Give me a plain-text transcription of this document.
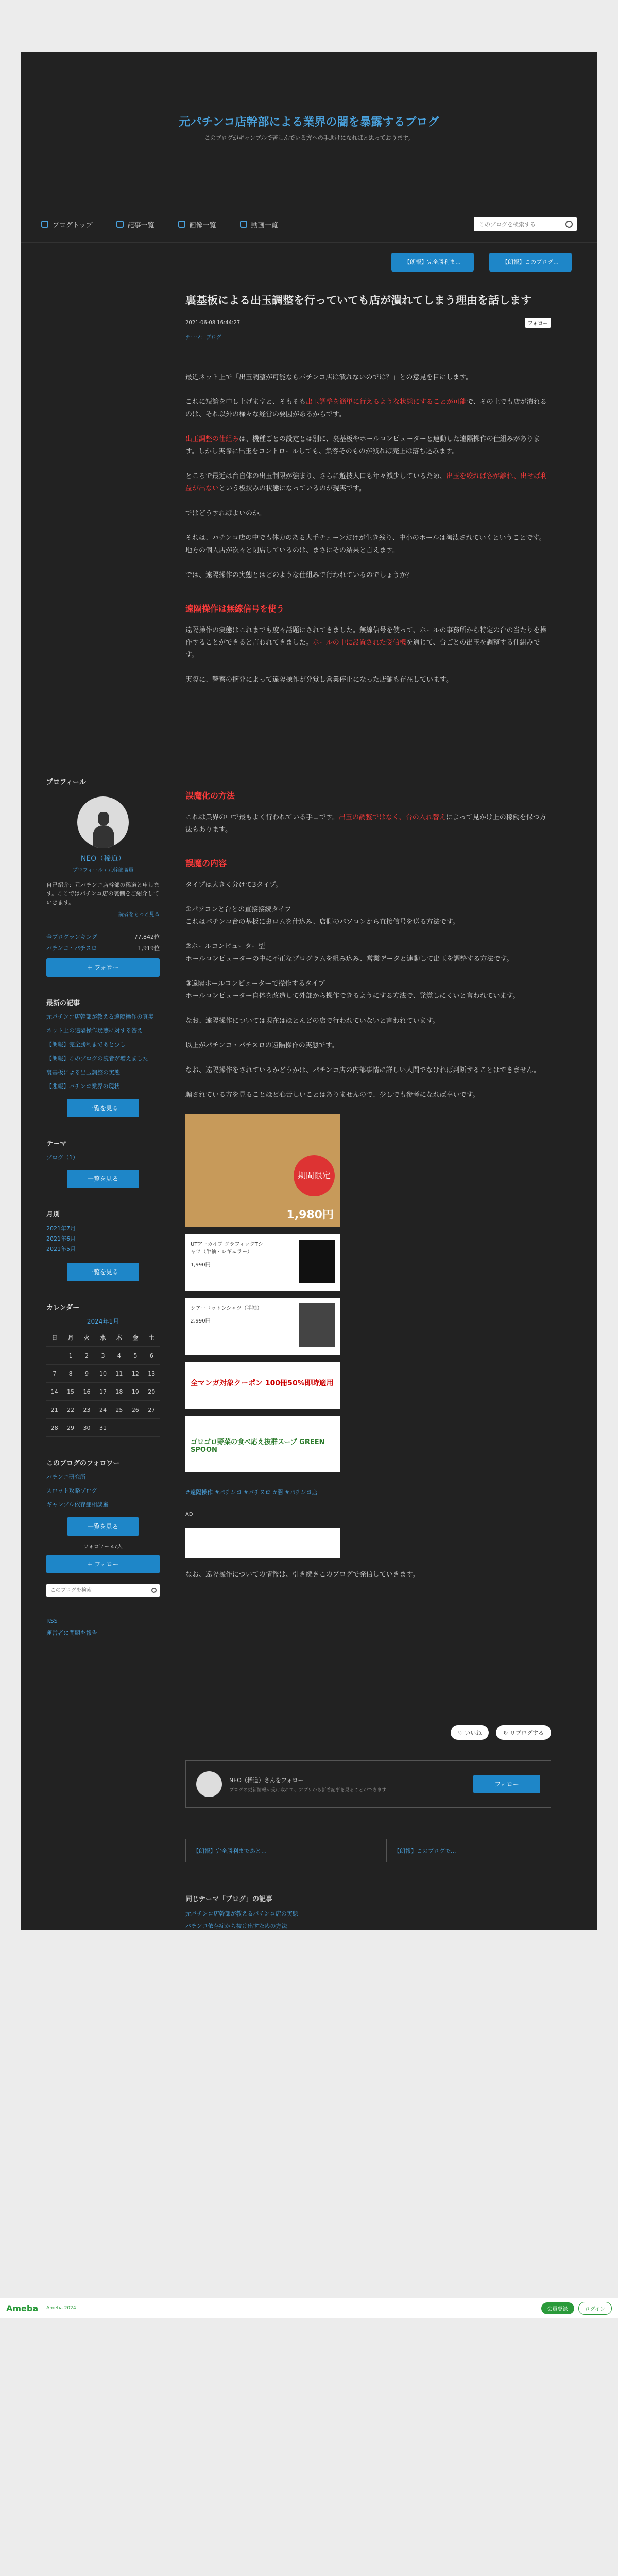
元パチンコ店幹部による業界の闇を暴露するブログ

このブログがギャンブルで苦しんでいる方への手助けになればと思っております。

ブログトップ	記事一覧	画像一覧	動画一覧
このブログを検索する
【朗報】完全勝利ま…	【朗報】このブログ…
プロフィール
NEO（稀道）
プロフィール / 元幹部職員
自己紹介：元パチンコ店幹部の稀道と申します。ここではパチンコ店の裏側をご紹介していきます。
読者をもっと見る
全ブログランキング	77,842位
パチンコ・パチスロ	1,919位
+ フォロー
最新の記事
元パチンコ店幹部が教える遠隔操作の真実
ネット上の遠隔操作疑惑に対する答え
【朗報】完全勝利まであと少し
【朗報】このブログの読者が増えました
裏基板による出玉調整の実態
【悲報】パチンコ業界の現状
一覧を見る
テーマ
ブログ（1）
一覧を見る
月別
2021年7月
2021年6月
2021年5月
一覧を見る
カレンダー
2024年1月
日	月	火	水	木	金	土
	1	2	3	4	5	6
7	8	9	10	11	12	13
14	15	16	17	18	19	20
21	22	23	24	25	26	27
28	29	30	31			
このブログのフォロワー
パチンコ研究所
スロット攻略ブログ
ギャンブル依存症相談室
一覧を見る
フォロワー 47人
+ フォロー
このブログを検索
RSS
運営者に問題を報告
裏基板による出玉調整を行っていても店が潰れてしまう理由を話します
2021-06-08 16:44:27	フォロー
テーマ：ブログ

最近ネット上で「出玉調整が可能ならパチンコ店は潰れないのでは？」との意見を目にします。

これに短論を申し上げますと、そもそも出玉調整を簡単に行えるような状態にすることが可能で、その上でも店が潰れるのは、それ以外の様々な経営の要因があるからです。

出玉調整の仕組みは、機種ごとの設定とは別に、裏基板やホールコンピューターと連動した遠隔操作の仕組みがあります。しかし実際に出玉をコントロールしても、集客そのものが減れば売上は落ち込みます。

ところで最近は台自体の出玉制限が強まり、さらに遊技人口も年々減少しているため、出玉を絞れば客が離れ、出せば利益が出ないという板挟みの状態になっているのが現実です。

ではどうすればよいのか。

それは、パチンコ店の中でも体力のある大手チェーンだけが生き残り、中小のホールは淘汰されていくということです。地方の個人店が次々と閉店しているのは、まさにその結果と言えます。

では、遠隔操作の実態とはどのような仕組みで行われているのでしょうか？

遠隔操作は無線信号を使う

遠隔操作の実態はこれまでも度々話題にされてきました。無線信号を使って、ホールの事務所から特定の台の当たりを操作することができると言われてきました。ホールの中に設置された受信機を通じて、台ごとの出玉を調整する仕組みです。

実際に、警察の摘発によって遠隔操作が発覚し営業停止になった店舗も存在しています。

誤魔化の方法

これは業界の中で最もよく行われている手口です。出玉の調整ではなく、台の入れ替えによって見かけ上の稼働を保つ方法もあります。

誤魔の内容

タイプは大きく分けて3タイプ。

①パソコンと台との直接接続タイプ
これはパチンコ台の基板に裏ロムを仕込み、店側のパソコンから直接信号を送る方法です。

②ホールコンピューター型
ホールコンピューターの中に不正なプログラムを組み込み、営業データと連動して出玉を調整する方法です。

③遠隔ホールコンピューターで操作するタイプ
ホールコンピューター自体を改造して外部から操作できるようにする方法で、発覚しにくいと言われています。

なお、遠隔操作については現在はほとんどの店で行われていないと言われています。

以上がパチンコ・パチスロの遠隔操作の実態です。

なお、遠隔操作をされているかどうかは、パチンコ店の内部事情に詳しい人間でなければ判断することはできません。

騙されている方を見ることほど心苦しいことはありませんので、少しでも参考になれば幸いです。

期間限定
1,980円
UTアーカイブ グラフィックTシャツ（半袖・レギュラー）
1,990円
シアーコットンシャツ（半袖）
2,990円
全マンガ対象クーポン 100冊50%即時適用
ゴロゴロ野菜の食べ応え抜群スープ GREEN SPOON
#遠隔操作 #パチンコ #パチスロ #闇 #パチンコ店
AD

なお、遠隔操作についての情報は、引き続きこのブログで発信していきます。

♡ いいね	↻ リブログする
NEO（稀道）さんをフォロー
ブログの更新情報が受け取れて、アプリから新着記事を見ることができます
フォロー
【朗報】完全勝利まであと…	【朗報】このブログで...
同じテーマ「ブログ」の記事
元パチンコ店幹部が教えるパチンコ店の実態
パチンコ依存症から抜け出すための方法
Ameba Ameba 2024	会員登録	ログイン
